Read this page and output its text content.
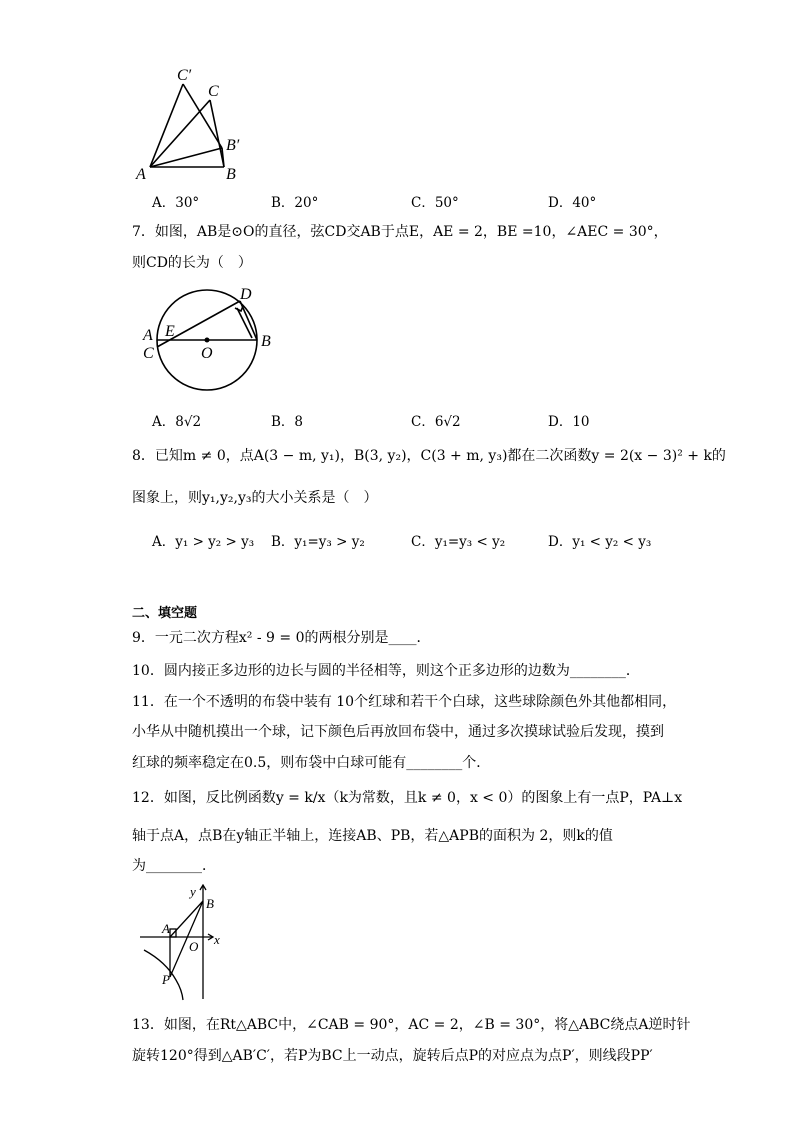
C′
C
B′
A	B
A．30°	B．20°	C．50°	D．40°
7．如图，AB是⊙O的直径，弦CD交AB于点E，AE = 2，BE =10，∠AEC = 30°，
则CD的长为（　）
D
A E
C	O
B
A．8√2	B．8	C．6√2	D．10
8．已知m ≠ 0，点A(3 − m, y₁)，B(3, y₂)，C(3 + m, y₃)都在二次函数y = 2(x − 3)² + k的
图象上，则y₁,y₂,y₃的大小关系是（　）
A．y₁ > y₂ > y₃ B．y₁=y₃ > y₂	C．y₁=y₃ < y₂	D．y₁ < y₂ < y₃
二、填空题
9．一元二次方程x² - 9 = 0的两根分别是____．
10．圆内接正多边形的边长与圆的半径相等，则这个正多边形的边数为________．
11．在一个不透明的布袋中装有 10个红球和若干个白球，这些球除颜色外其他都相同，
小华从中随机摸出一个球，记下颜色后再放回布袋中，通过多次摸球试验后发现，摸到
红球的频率稳定在0.5，则布袋中白球可能有________个．
12．如图，反比例函数y = k/x（k为常数，且k ≠ 0，x < 0）的图象上有一点P，PA⊥x
轴于点A，点B在y轴正半轴上，连接AB、PB，若△APB的面积为 2，则k的值
为________．
y
B
A
O x
P
13．如图，在Rt△ABC中，∠CAB = 90°，AC = 2，∠B = 30°，将△ABC绕点A逆时针
旋转120°得到△AB′C′，若P为BC上一动点，旋转后点P的对应点为点P′，则线段PP′
